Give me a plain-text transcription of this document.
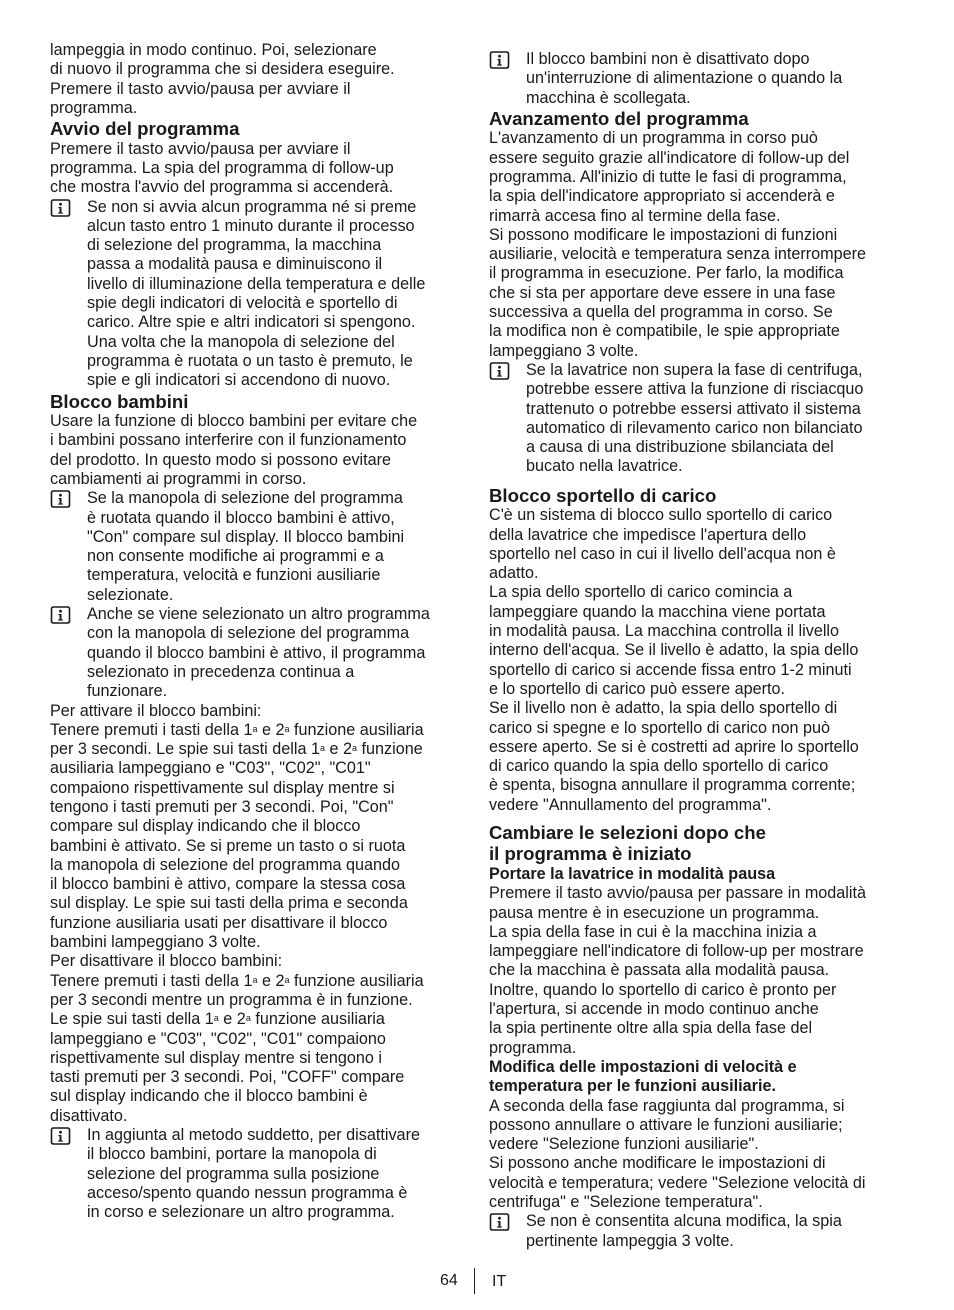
lampeggia in modo continuo. Poi, selezionare
di nuovo il programma che si desidera eseguire.
Premere il tasto avvio/pausa per avviare il
programma.

Avvio del programma

Premere il tasto avvio/pausa per avviare il
programma. La spia del programma di follow-up
che mostra l'avvio del programma si accenderà.

Se non si avvia alcun programma né si preme
alcun tasto entro 1 minuto durante il processo
di selezione del programma, la macchina
passa a modalità pausa e diminuiscono il
livello di illuminazione della temperatura e delle
spie degli indicatori di velocità e sportello di
carico. Altre spie e altri indicatori si spengono.
Una volta che la manopola di selezione del
programma è ruotata o un tasto è premuto, le
spie e gli indicatori si accendono di nuovo.
Blocco bambini

Usare la funzione di blocco bambini per evitare che
i bambini possano interferire con il funzionamento
del prodotto. In questo modo si possono evitare
cambiamenti ai programmi in corso.

Se la manopola di selezione del programma
è ruotata quando il blocco bambini è attivo,
"Con" compare sul display. Il blocco bambini
non consente modifiche ai programmi e a
temperatura, velocità e funzioni ausiliarie
selezionate.
Anche se viene selezionato un altro programma
con la manopola di selezione del programma
quando il blocco bambini è attivo, il programma
selezionato in precedenza continua a
funzionare.

Per attivare il blocco bambini:

Tenere premuti i tasti della 1$^a$ e 2$^a$ funzione ausiliaria

per 3 secondi. Le spie sui tasti della 1$^a$ e 2$^a$ funzione

ausiliaria lampeggiano e "C03", "C02", "C01"
compaiono rispettivamente sul display mentre si
tengono i tasti premuti per 3 secondi. Poi, "Con"
compare sul display indicando che il blocco
bambini è attivato. Se si preme un tasto o si ruota
la manopola di selezione del programma quando
il blocco bambini è attivo, compare la stessa cosa
sul display. Le spie sui tasti della prima e seconda
funzione ausiliaria usati per disattivare il blocco
bambini lampeggiano 3 volte.

Per disattivare il blocco bambini:

Tenere premuti i tasti della 1$^a$ e 2$^a$ funzione ausiliaria

per 3 secondi mentre un programma è in funzione.

Le spie sui tasti della 1$^a$ e 2$^a$ funzione ausiliaria

lampeggiano e "C03", "C02", "C01" compaiono
rispettivamente sul display mentre si tengono i
tasti premuti per 3 secondi. Poi, "COFF" compare
sul display indicando che il blocco bambini è
disattivato.

In aggiunta al metodo suddetto, per disattivare
il blocco bambini, portare la manopola di
selezione del programma sulla posizione
acceso/spento quando nessun programma è
in corso e selezionare un altro programma.
Il blocco bambini non è disattivato dopo
un'interruzione di alimentazione o quando la
macchina è scollegata.
Avanzamento del programma

L'avanzamento di un programma in corso può
essere seguito grazie all'indicatore di follow-up del
programma. All'inizio di tutte le fasi di programma,
la spia dell'indicatore appropriato si accenderà e
rimarrà accesa fino al termine della fase.
Si possono modificare le impostazioni di funzioni
ausiliarie, velocità e temperatura senza interrompere
il programma in esecuzione. Per farlo, la modifica
che si sta per apportare deve essere in una fase
successiva a quella del programma in corso. Se
la modifica non è compatibile, le spie appropriate
lampeggiano 3 volte.

Se la lavatrice non supera la fase di centrifuga,
potrebbe essere attiva la funzione di risciacquo
trattenuto o potrebbe essersi attivato il sistema
automatico di rilevamento carico non bilanciato
a causa di una distribuzione sbilanciata del
bucato nella lavatrice.
Blocco sportello di carico

C'è un sistema di blocco sullo sportello di carico
della lavatrice che impedisce l'apertura dello
sportello nel caso in cui il livello dell'acqua non è
adatto.
La spia dello sportello di carico comincia a
lampeggiare quando la macchina viene portata
in modalità pausa. La macchina controlla il livello
interno dell'acqua. Se il livello è adatto, la spia dello
sportello di carico si accende fissa entro 1-2 minuti
e lo sportello di carico può essere aperto.
Se il livello non è adatto, la spia dello sportello di
carico si spegne e lo sportello di carico non può
essere aperto. Se si è costretti ad aprire lo sportello
di carico quando la spia dello sportello di carico
è spenta, bisogna annullare il programma corrente;
vedere "Annullamento del programma".

Cambiare le selezioni dopo che
il programma è iniziato
Portare la lavatrice in modalità pausa

Premere il tasto avvio/pausa per passare in modalità
pausa mentre è in esecuzione un programma.
La spia della fase in cui è la macchina inizia a
lampeggiare nell'indicatore di follow-up per mostrare
che la macchina è passata alla modalità pausa.
Inoltre, quando lo sportello di carico è pronto per
l'apertura, si accende in modo continuo anche
la spia pertinente oltre alla spia della fase del
programma.

Modifica delle impostazioni di velocità e
temperatura per le funzioni ausiliarie.

A seconda della fase raggiunta dal programma, si
possono annullare o attivare le funzioni ausiliarie;
vedere "Selezione funzioni ausiliarie".
Si possono anche modificare le impostazioni di
velocità e temperatura; vedere "Selezione velocità di
centrifuga" e "Selezione temperatura".

Se non è consentita alcuna modifica, la spia
pertinente lampeggia 3 volte.
64 IT
